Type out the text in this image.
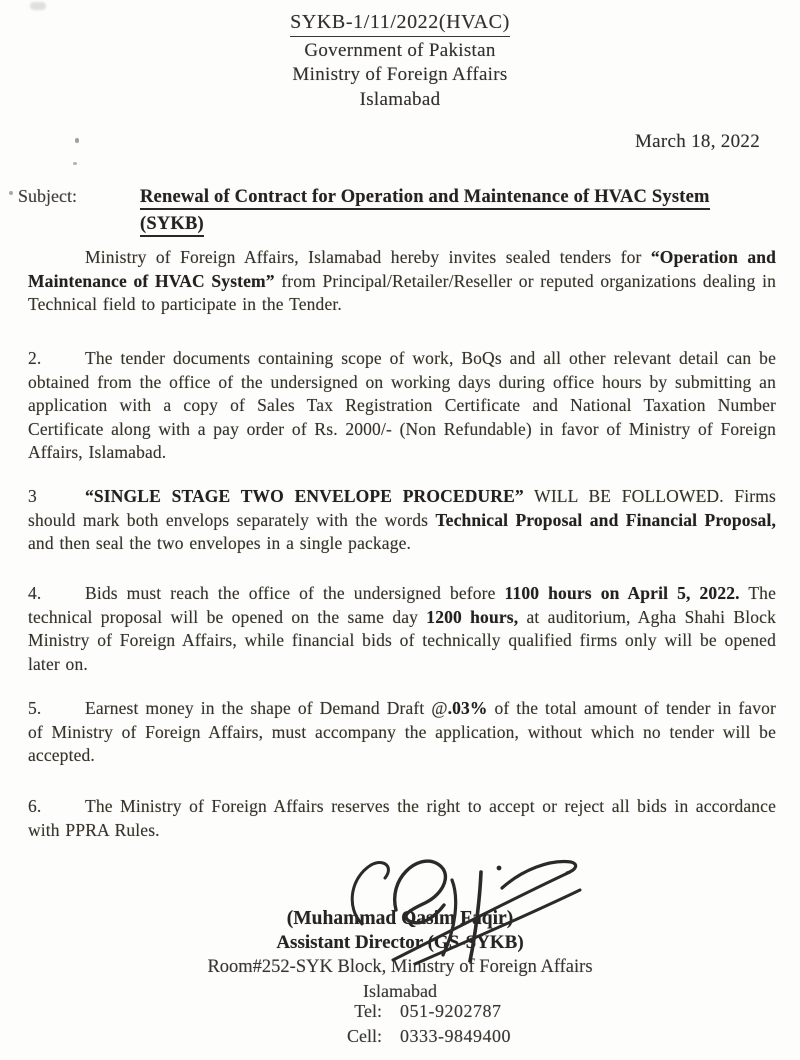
SYKB-1/11/2022(HVAC)
Government of Pakistan
Ministry of Foreign Affairs
Islamabad
March 18, 2022
Subject:	Renewal of Contract for Operation and Maintenance of HVAC System
(SYKB)

Ministry of Foreign Affairs, Islamabad hereby invites sealed tenders for “Operation and Maintenance of HVAC System” from Principal/Retailer/Reseller or reputed organizations dealing in Technical field to participate in the Tender.

2. The tender documents containing scope of work, BoQs and all other relevant detail can be obtained from the office of the undersigned on working days during office hours by submitting an application with a copy of Sales Tax Registration Certificate and National Taxation Number Certificate along with a pay order of Rs. 2000/- (Non Refundable) in favor of Ministry of Foreign Affairs, Islamabad.

3	“SINGLE STAGE TWO ENVELOPE PROCEDURE” WILL BE FOLLOWED. Firms should mark both envelops separately with the words Technical Proposal and Financial Proposal, and then seal the two envelopes in a single package.

4. Bids must reach the office of the undersigned before 1100 hours on April 5, 2022. The technical proposal will be opened on the same day 1200 hours, at auditorium, Agha Shahi Block Ministry of Foreign Affairs, while financial bids of technically qualified firms only will be opened later on.

5. Earnest money in the shape of Demand Draft @.03% of the total amount of tender in favor of Ministry of Foreign Affairs, must accompany the application, without which no tender will be accepted.

6. The Ministry of Foreign Affairs reserves the right to accept or reject all bids in accordance with PPRA Rules.

(Muhammad Qasim Faqir)
Assistant Director (GS-SYKB)
Room#252-SYK Block, Ministry of Foreign Affairs
Islamabad
Tel:	051-9202787
Cell:	0333-9849400
